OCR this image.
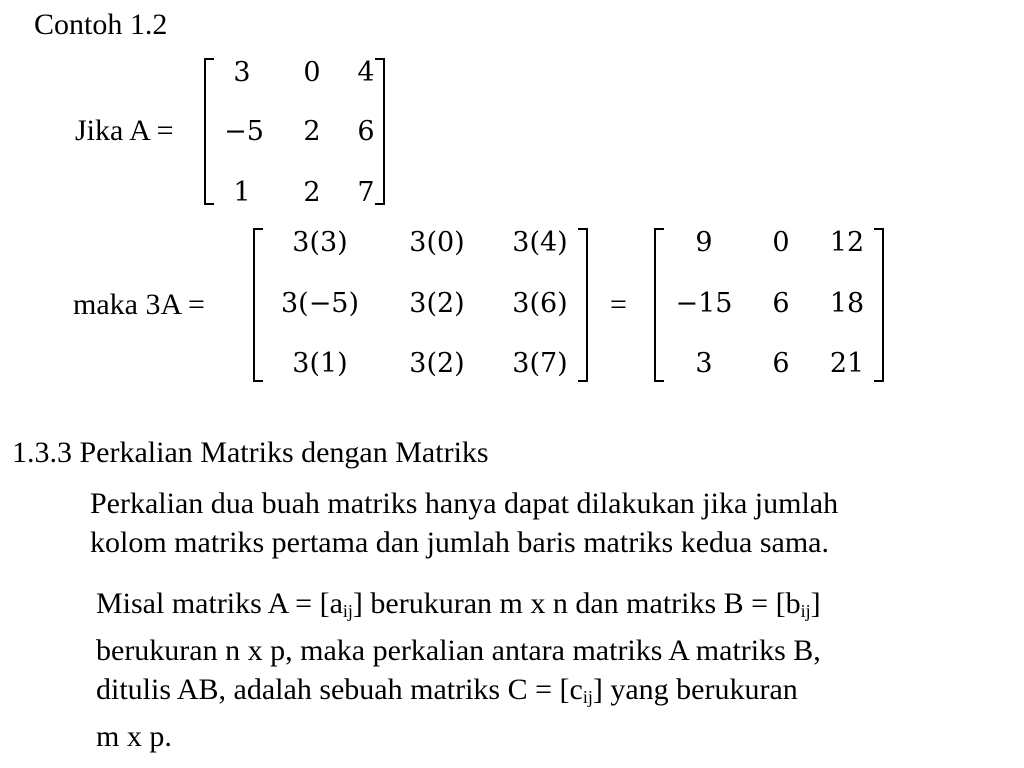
Contoh 1.2
Jika A =
3 0 4
−5 2 6
1 2 7
maka 3A =
3(3) 3(0) 3(4)
3(−5) 3(2) 3(6)
3(1) 3(2) 3(7)
=
9 0 12
−15 6 18
3 6 21
1.3.3 Perkalian Matriks dengan Matriks
Perkalian dua buah matriks hanya dapat dilakukan jika jumlah
kolom matriks pertama dan jumlah baris matriks kedua sama.
Misal matriks $A = [a_{ij}]$ berukuran m x n dan matriks $B = [b_{ij}]$
berukuran n x p, maka perkalian antara matriks A matriks B,
ditulis AB, adalah sebuah matriks $C = [c_{ij}]$ yang berukuran
m x p.
